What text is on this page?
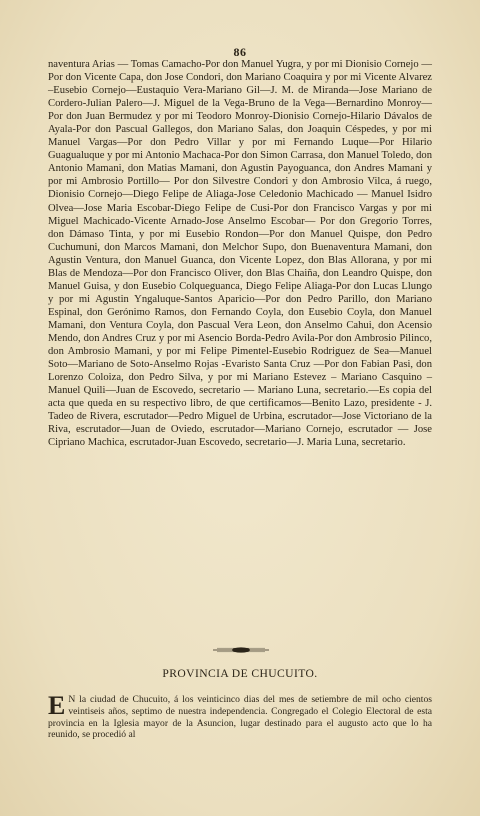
86

naventura Arias — Tomas Camacho-Por don Manuel Yugra, y por mi Dionisio Cornejo —Por don Vicente Capa, don Jose Condori, don Mariano Coaquira y por mi Vicente Alvarez –Eusebio Cornejo—Eustaquio Vera-Mariano Gil—J. M. de Miranda—Jose Mariano de Cordero-Julian Palero—J. Miguel de la Vega-Bruno de la Vega—Bernardino Monroy—Por don Juan Bermudez y por mi Teodoro Monroy-Dionisio Cornejo-Hilario Dávalos de Ayala-Por don Pascual Gallegos, don Mariano Salas, don Joaquin Céspedes, y por mi Manuel Vargas—Por don Pedro Villar y por mi Fernando Luque—Por Hilario Guagualuque y por mi Antonio Machaca-Por don Simon Carrasa, don Manuel Toledo, don Antonio Mamani, don Matias Mamani, don Agustin Payoguanca, don Andres Mamani y por mi Ambrosio Portillo— Por don Silvestre Condori y don Ambrosio Vilca, á ruego, Dionisio Cornejo—Diego Felipe de Aliaga-Jose Celedonio Machicado — Manuel Isidro Olvea—Jose Maria Escobar-Diego Felipe de Cusi-Por don Francisco Vargas y por mi Miguel Machicado-Vicente Arnado-Jose Anselmo Escobar— Por don Gregorio Torres, don Dámaso Tinta, y por mi Eusebio Rondon—Por don Manuel Quispe, don Pedro Cuchumuni, don Marcos Mamani, don Melchor Supo, don Buenaventura Mamani, don Agustin Ventura, don Manuel Guanca, don Vicente Lopez, don Blas Allorana, y por mi Blas de Mendoza—Por don Francisco Oliver, don Blas Chaiña, don Leandro Quispe, don Manuel Guisa, y don Eusebio Colqueguanca, Diego Felipe Aliaga-Por don Lucas Llungo y por mi Agustin Yngaluque-Santos Aparicio—Por don Pedro Parillo, don Mariano Espinal, don Gerónimo Ramos, don Fernando Coyla, don Eusebio Coyla, don Manuel Mamani, don Ventura Coyla, don Pascual Vera Leon, don Anselmo Cahui, don Acensio Mendo, don Andres Cruz y por mi Asencio Borda-Pedro Avila-Por don Ambrosio Pilinco, don Ambrosio Mamani, y por mi Felipe Pimentel-Eusebio Rodriguez de Sea—Manuel Soto—Mariano de Soto-Anselmo Rojas -Evaristo Santa Cruz —Por don Fabian Pasi, don Lorenzo Coloiza, don Pedro Silva, y por mi Mariano Estevez – Mariano Casquino – Manuel Quili—Juan de Escovedo, secretario — Mariano Luna, secretario.—Es copia del acta que queda en su respectivo libro, de que certificamos—Benito Lazo, presidente - J. Tadeo de Rivera, escrutador—Pedro Miguel de Urbina, escrutador—Jose Victoriano de la Riva, escrutador—Juan de Oviedo, escrutador—Mariano Cornejo, escrutador — Jose Cipriano Machica, escrutador-Juan Escovedo, secretario—J. Maria Luna, secretario.

PROVINCIA DE CHUCUITO.
E N la ciudad de Chucuito, á los veinticinco dias del mes de setiembre de mil ocho cientos veintiseis años, septimo de nuestra independencia. Congregado el Colegio Electoral de esta provincia en la Iglesia mayor de la Asuncion, lugar destinado para el augusto acto que lo ha reunido, se procedió al
